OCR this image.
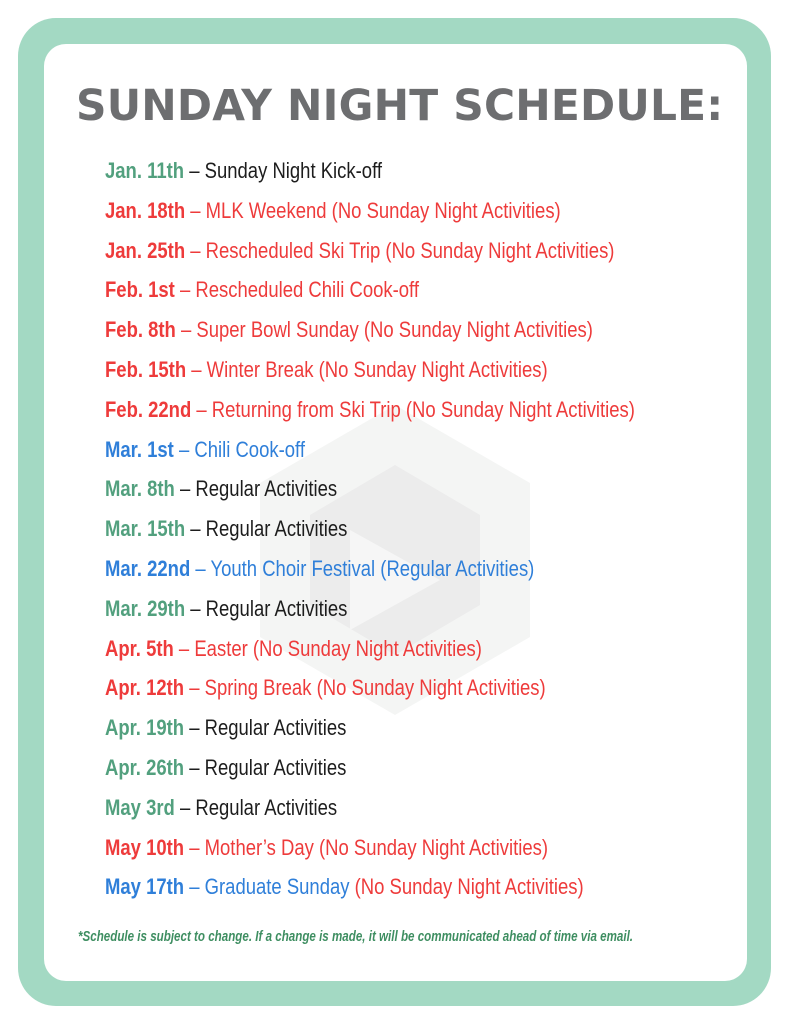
SUNDAY NIGHT SCHEDULE:
Jan. 11th – Sunday Night Kick-off
Jan. 18th – MLK Weekend (No Sunday Night Activities)
Jan. 25th – Rescheduled Ski Trip (No Sunday Night Activities)
Feb. 1st – Rescheduled Chili Cook-off
Feb. 8th – Super Bowl Sunday (No Sunday Night Activities)
Feb. 15th – Winter Break (No Sunday Night Activities)
Feb. 22nd – Returning from Ski Trip (No Sunday Night Activities)
Mar. 1st – Chili Cook-off
Mar. 8th – Regular Activities
Mar. 15th – Regular Activities
Mar. 22nd – Youth Choir Festival (Regular Activities)
Mar. 29th – Regular Activities
Apr. 5th – Easter (No Sunday Night Activities)
Apr. 12th – Spring Break (No Sunday Night Activities)
Apr. 19th – Regular Activities
Apr. 26th – Regular Activities
May 3rd – Regular Activities
May 10th – Mother’s Day (No Sunday Night Activities)
May 17th – Graduate Sunday (No Sunday Night Activities)
*Schedule is subject to change. If a change is made, it will be communicated ahead of time via email.
